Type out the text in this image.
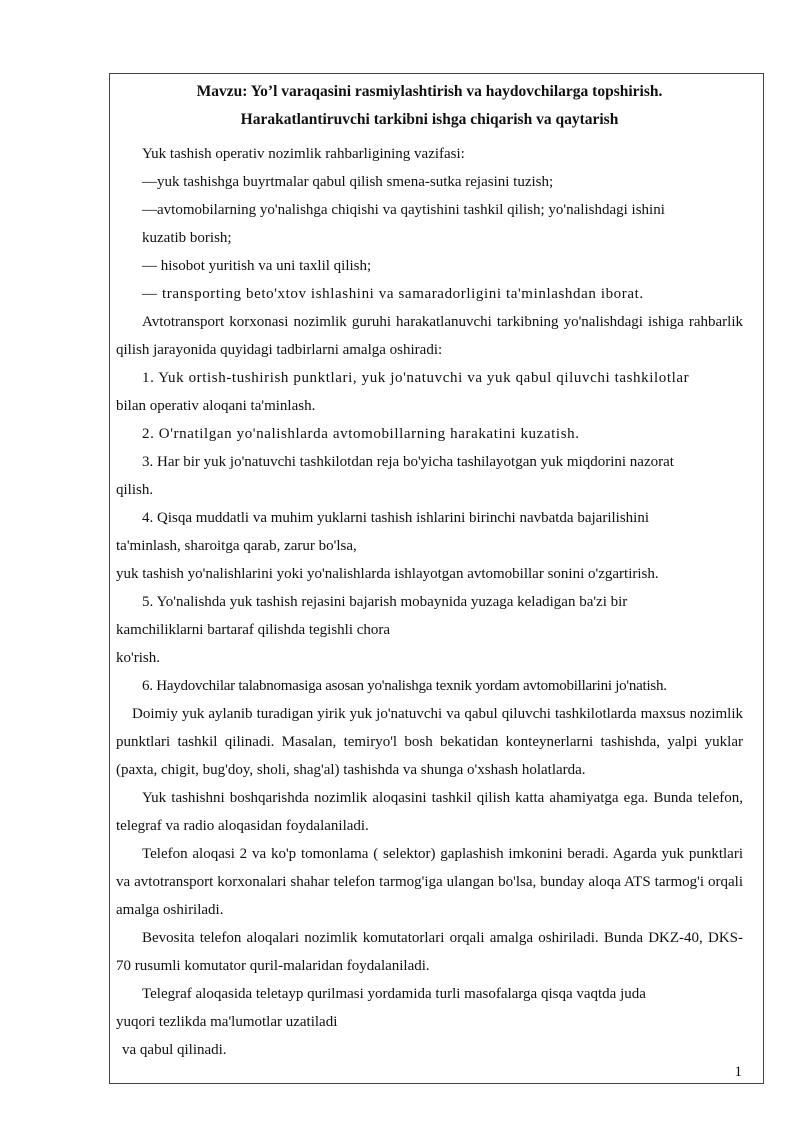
Mavzu: Yo’l varaqasini rasmiylashtirish va haydovchilarga topshirish.

Harakatlantiruvchi tarkibni ishga chiqarish va qaytarish

Yuk tashish operativ nozimlik rahbarligining vazifasi:

—yuk tashishga buyrtmalar qabul qilish smena-sutka rejasini tuzish;

—avtomobilarning yo'nalishga chiqishi va qaytishini tashkil qilish; yo'nalishdagi ishini

kuzatib borish;

— hisobot yuritish va uni taxlil qilish;

— transporting beto'xtov ishlashini va samaradorligini ta'minlashdan iborat.

Avtotransport korxonasi nozimlik guruhi harakatlanuvchi tarkibning yo'nalishdagi ishiga rahbarlik qilish jarayonida quyidagi tadbirlarni amalga oshiradi:

1. Yuk ortish-tushirish punktlari, yuk jo'natuvchi va yuk qabul qiluvchi tashkilotlar

bilan operativ aloqani ta'minlash.

2. O'rnatilgan yo'nalishlarda avtomobillarning harakatini kuzatish.

3. Har bir yuk jo'natuvchi tashkilotdan reja bo'yicha tashilayotgan yuk miqdorini nazorat

qilish.

4. Qisqa muddatli va muhim yuklarni tashish ishlarini birinchi navbatda bajarilishini

ta'minlash, sharoitga qarab, zarur bo'lsa,

yuk tashish yo'nalishlarini yoki yo'nalishlarda ishlayotgan avtomobillar sonini o'zgartirish.

5. Yo'nalishda yuk tashish rejasini bajarish mobaynida yuzaga keladigan ba'zi bir

kamchiliklarni bartaraf qilishda tegishli chora

ko'rish.

6. Haydovchilar talabnomasiga asosan yo'nalishga texnik yordam avtomobillarini jo'natish.

Doimiy yuk aylanib turadigan yirik yuk jo'natuvchi va qabul qiluvchi tashkilotlarda maxsus nozimlik punktlari tashkil qilinadi. Masalan, temiryo'l bosh bekatidan konteynerlarni tashishda, yalpi yuklar (paxta, chigit, bug'doy, sholi, shag'al) tashishda va shunga o'xshash holatlarda.

Yuk tashishni boshqarishda nozimlik aloqasini tashkil qilish katta ahamiyatga ega. Bunda telefon, telegraf va radio aloqasidan foydalaniladi.

Telefon aloqasi 2 va ko'p tomonlama ( selektor) gaplashish imkonini beradi. Agarda yuk punktlari va avtotransport korxonalari shahar telefon tarmog'iga ulangan bo'lsa, bunday aloqa ATS tarmog'i orqali amalga oshiriladi.

Bevosita telefon aloqalari nozimlik komutatorlari orqali amalga oshiriladi. Bunda DKZ-40, DKS-70 rusumli komutator quril-malaridan foydalaniladi.

Telegraf aloqasida teletayp qurilmasi yordamida turli masofalarga qisqa vaqtda juda

yuqori tezlikda ma'lumotlar uzatiladi

va qabul qilinadi.

1
